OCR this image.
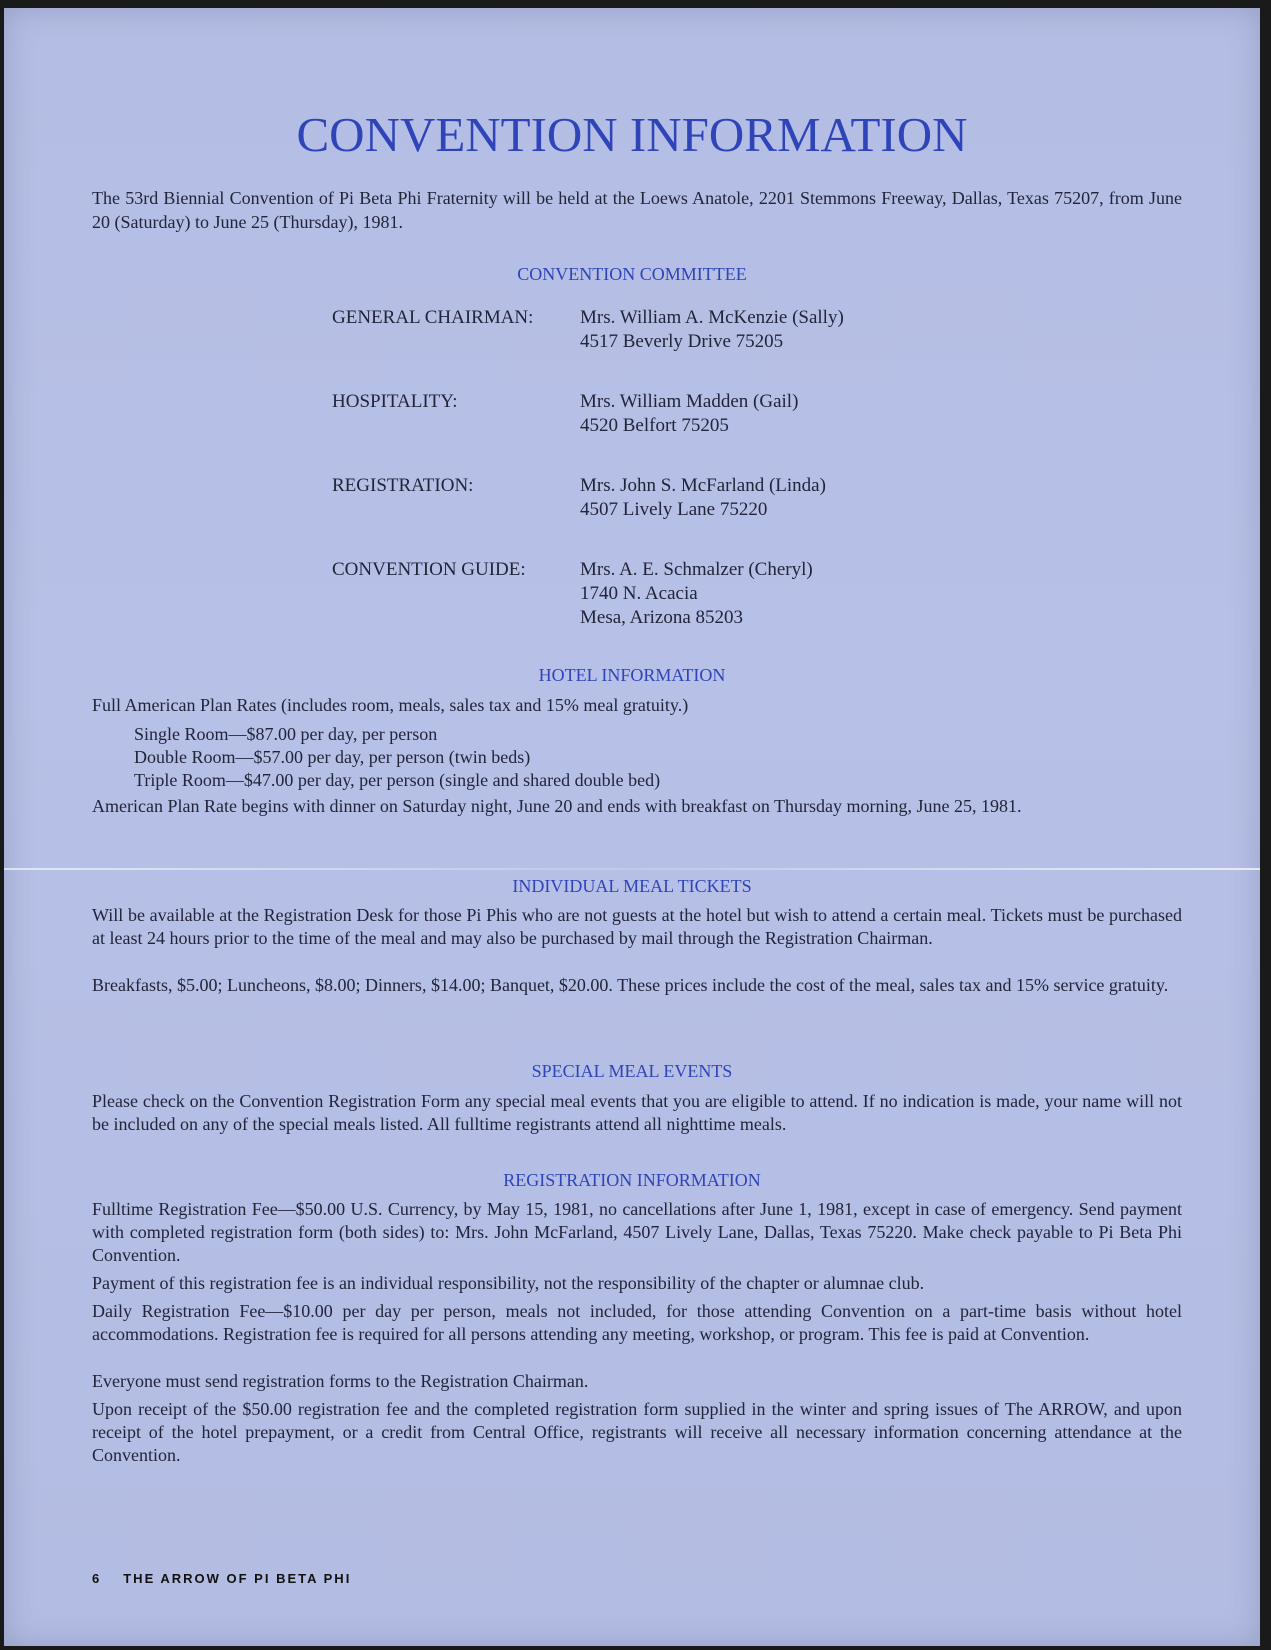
CONVENTION INFORMATION

The 53rd Biennial Convention of Pi Beta Phi Fraternity will be held at the Loews Anatole, 2201 Stemmons Freeway, Dallas, Texas 75207, from June 20 (Saturday) to June 25 (Thursday), 1981.

CONVENTION COMMITTEE
GENERAL CHAIRMAN: Mrs. William A. McKenzie (Sally)
4517 Beverly Drive 75205
HOSPITALITY:	Mrs. William Madden (Gail)
4520 Belfort 75205
REGISTRATION:	Mrs. John S. McFarland (Linda)
4507 Lively Lane 75220
CONVENTION GUIDE:	Mrs. A. E. Schmalzer (Cheryl)
1740 N. Acacia
Mesa, Arizona 85203
HOTEL INFORMATION

Full American Plan Rates (includes room, meals, sales tax and 15% meal gratuity.)

Single Room—$87.00 per day, per person

Double Room—$57.00 per day, per person (twin beds)

Triple Room—$47.00 per day, per person (single and shared double bed)

American Plan Rate begins with dinner on Saturday night, June 20 and ends with breakfast on Thursday morning, June 25, 1981.

INDIVIDUAL MEAL TICKETS

Will be available at the Registration Desk for those Pi Phis who are not guests at the hotel but wish to attend a certain meal. Tickets must be purchased at least 24 hours prior to the time of the meal and may also be purchased by mail through the Registration Chairman.

Breakfasts, $5.00; Luncheons, $8.00; Dinners, $14.00; Banquet, $20.00. These prices include the cost of the meal, sales tax and 15% service gratuity.

SPECIAL MEAL EVENTS

Please check on the Convention Registration Form any special meal events that you are eligible to attend. If no indication is made, your name will not be included on any of the special meals listed. All fulltime registrants attend all nighttime meals.

REGISTRATION INFORMATION

Fulltime Registration Fee—$50.00 U.S. Currency, by May 15, 1981, no cancellations after June 1, 1981, except in case of emergency. Send payment with completed registration form (both sides) to: Mrs. John McFarland, 4507 Lively Lane, Dallas, Texas 75220. Make check payable to Pi Beta Phi Convention.

Payment of this registration fee is an individual responsibility, not the responsibility of the chapter or alumnae club.

Daily Registration Fee—$10.00 per day per person, meals not included, for those attending Convention on a part-time basis without hotel accommodations. Registration fee is required for all persons attending any meeting, workshop, or program. This fee is paid at Convention.

Everyone must send registration forms to the Registration Chairman.

Upon receipt of the $50.00 registration fee and the completed registration form supplied in the winter and spring issues of The ARROW, and upon receipt of the hotel prepayment, or a credit from Central Office, registrants will receive all necessary information concerning attendance at the Convention.

6 THE ARROW OF PI BETA PHI
